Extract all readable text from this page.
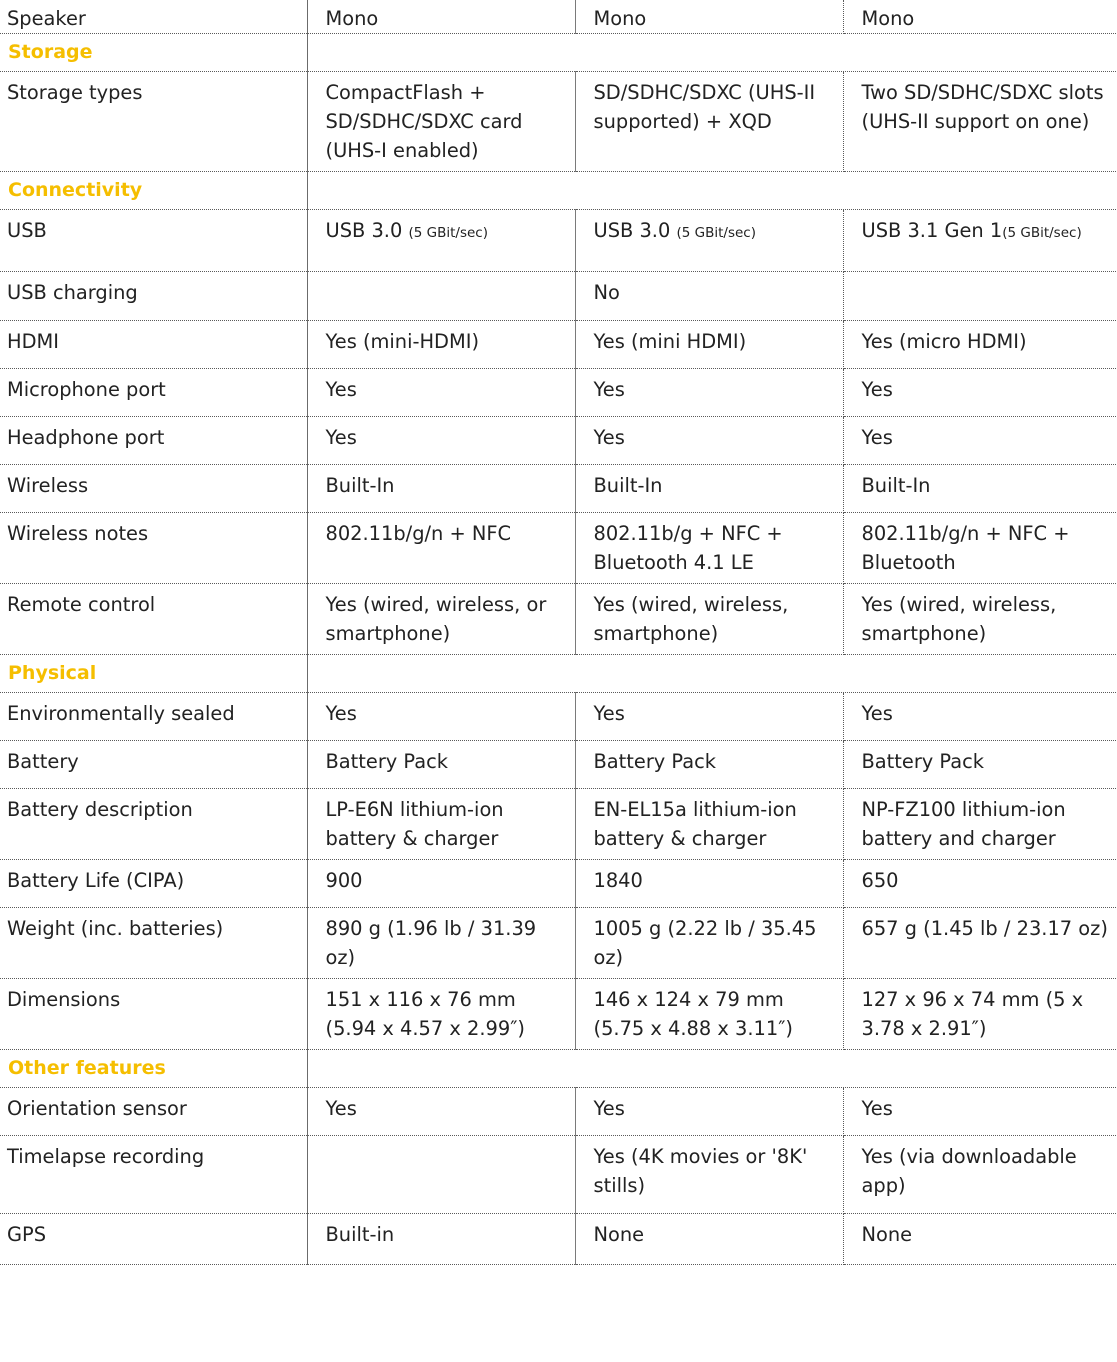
Speaker	Mono	Mono	Mono
Storage			
Storage types	CompactFlash + SD/SDHC/SDXC card (UHS-I enabled)	SD/SDHC/SDXC (UHS-II supported) + XQD	Two SD/SDHC/SDXC slots (UHS-II support on one)
Connectivity			
USB	USB 3.0 (5 GBit/sec)	USB 3.0 (5 GBit/sec)	USB 3.1 Gen 1(5 GBit/sec)
USB charging		No	
HDMI	Yes (mini-HDMI)	Yes (mini HDMI)	Yes (micro HDMI)
Microphone port	Yes	Yes	Yes
Headphone port	Yes	Yes	Yes
Wireless	Built-In	Built-In	Built-In
Wireless notes	802.11b/g/n + NFC	802.11b/g + NFC + Bluetooth 4.1 LE	802.11b/g/n + NFC + Bluetooth
Remote control	Yes (wired, wireless, or smartphone)	Yes (wired, wireless, smartphone)	Yes (wired, wireless, smartphone)
Physical			
Environmentally sealed	Yes	Yes	Yes
Battery	Battery Pack	Battery Pack	Battery Pack
Battery description	LP-E6N lithium-ion battery & charger	EN-EL15a lithium-ion battery & charger	NP-FZ100 lithium-ion battery and charger
Battery Life (CIPA)	900	1840	650
Weight (inc. batteries)	890 g (1.96 lb / 31.39 oz)	1005 g (2.22 lb / 35.45 oz)	657 g (1.45 lb / 23.17 oz)
Dimensions	151 x 116 x 76 mm (5.94 x 4.57 x 2.99″)	146 x 124 x 79 mm (5.75 x 4.88 x 3.11″)	127 x 96 x 74 mm (5 x 3.78 x 2.91″)
Other features			
Orientation sensor	Yes	Yes	Yes
Timelapse recording		Yes (4K movies or '8K' stills)	Yes (via downloadable app)
GPS	Built-in	None	None
